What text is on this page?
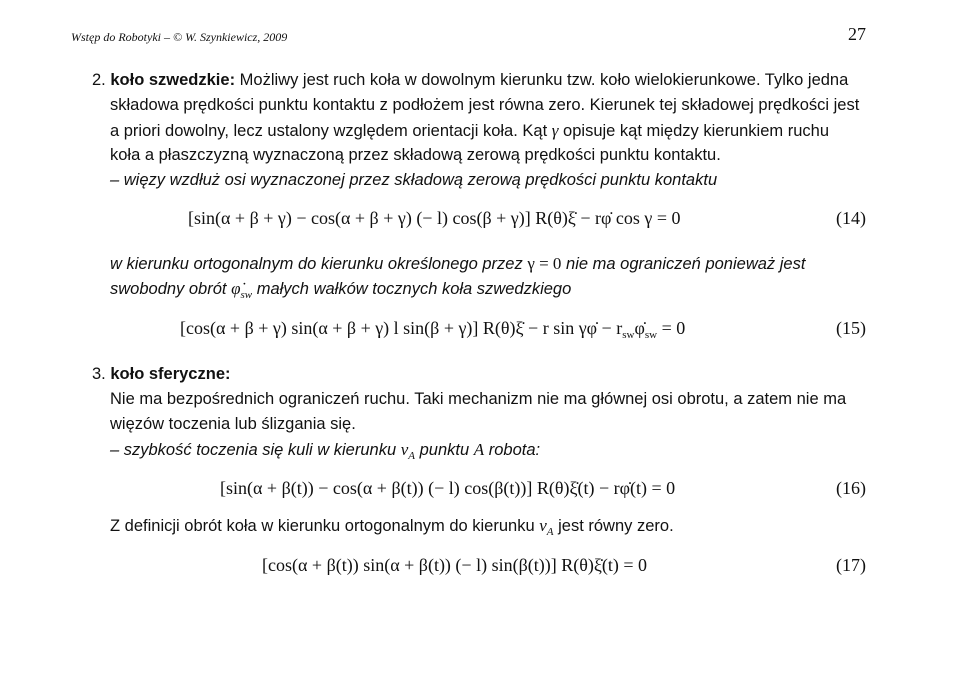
Wstęp do Robotyki – © W. Szynkiewicz, 2009	27
2. koło szwedzkie: Możliwy jest ruch koła w dowolnym kierunku tzw. koło wielokierunkowe. Tylko jedna
składowa prędkości punktu kontaktu z podłożem jest równa zero. Kierunek tej składowej prędkości jest
a priori dowolny, lecz ustalony względem orientacji koła. Kąt γ opisuje kąt między kierunkiem ruchu
koła a płaszczyzną wyznaczoną przez składową zerową prędkości punktu kontaktu.
– więzy wzdłuż osi wyznaczonej przez składową zerową prędkości punktu kontaktu
[sin(α + β + γ) − cos(α + β + γ) (− l) cos(β + γ)] R(θ)ξ̇ − rφ̇ cos γ = 0	(14)
w kierunku ortogonalnym do kierunku określonego przez γ = 0 nie ma ograniczeń ponieważ jest
swobodny obrót $\varphi̇_{sw}$ małych wałków tocznych koła szwedzkiego
[cos(α + β + γ) sin(α + β + γ) l sin(β + γ)] R(θ)ξ̇ − r sin γφ̇ − $r_{sw}\varphi̇_{sw} = 0$	(15)
3. koło sferyczne:
Nie ma bezpośrednich ograniczeń ruchu. Taki mechanizm nie ma głównej osi obrotu, a zatem nie ma
więzów toczenia lub ślizgania się.
– szybkość toczenia się kuli w kierunku $v_A$ punktu A robota:
[sin(α + β(t)) − cos(α + β(t)) (− l) cos(β(t))] R(θ)ξ̇(t) − rφ̇(t) = 0	(16)
Z definicji obrót koła w kierunku ortogonalnym do kierunku $v_A$ jest równy zero.
[cos(α + β(t)) sin(α + β(t)) (− l) sin(β(t))] R(θ)ξ̇(t) = 0	(17)
